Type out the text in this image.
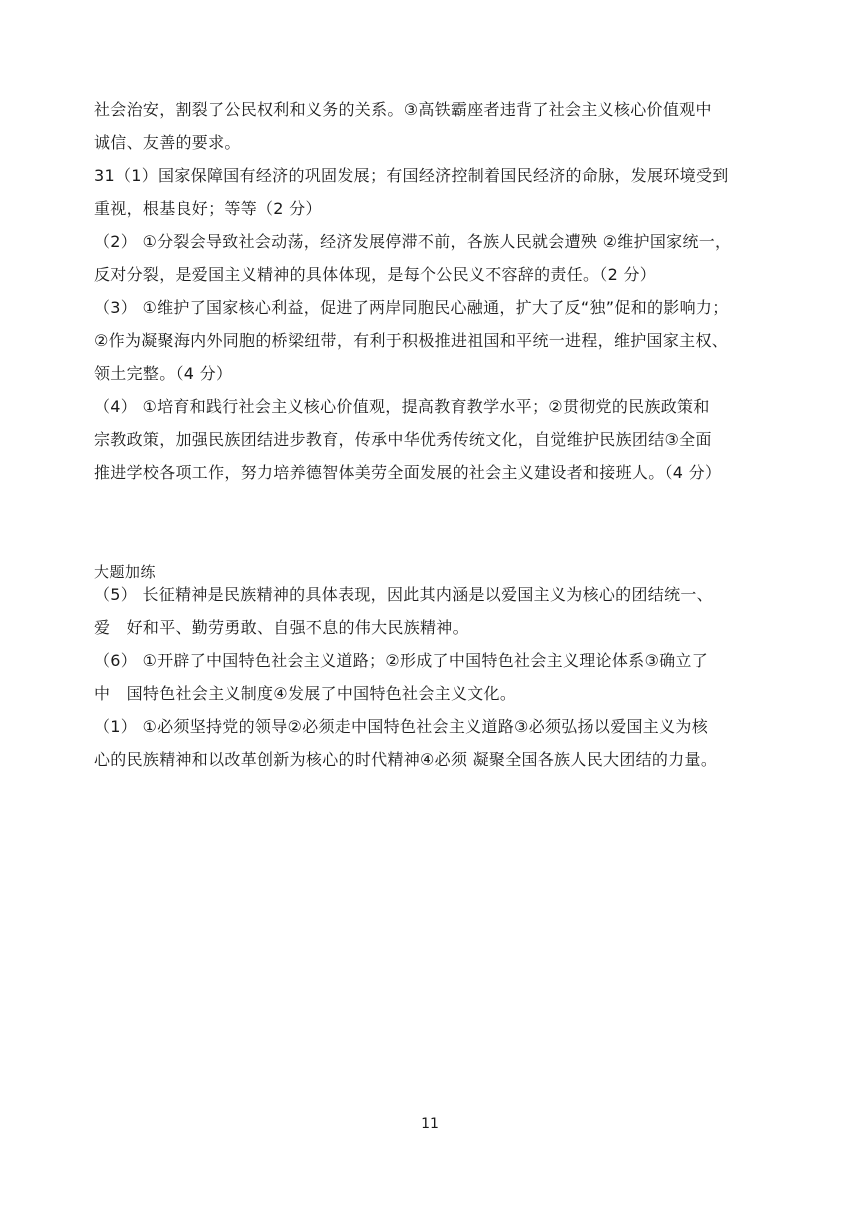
社会治安，割裂了公民权利和义务的关系。③高铁霸座者违背了社会主义核心价值观中
诚信、友善的要求。
31（1）国家保障国有经济的巩固发展；有国经济控制着国民经济的命脉，发展环境受到
重视，根基良好；等等（2 分）
（2） ①分裂会导致社会动荡，经济发展停滞不前，各族人民就会遭殃 ②维护国家统一，
反对分裂，是爱国主义精神的具体体现，是每个公民义不容辞的责任。（2 分）
（3） ①维护了国家核心利益，促进了两岸同胞民心融通，扩大了反“独”促和的影响力；
②作为凝聚海内外同胞的桥梁纽带，有利于积极推进祖国和平统一进程，维护国家主权、
领土完整。（4 分）
（4） ①培育和践行社会主义核心价值观，提高教育教学水平；②贯彻党的民族政策和
宗教政策，加强民族团结进步教育，传承中华优秀传统文化，自觉维护民族团结③全面
推进学校各项工作，努力培养德智体美劳全面发展的社会主义建设者和接班人。（4 分）
大题加练
（5） 长征精神是民族精神的具体表现，因此其内涵是以爱国主义为核心的团结统一、
爱　好和平、勤劳勇敢、自强不息的伟大民族精神。
（6） ①开辟了中国特色社会主义道路；②形成了中国特色社会主义理论体系③确立了
中　国特色社会主义制度④发展了中国特色社会主义文化。
（1） ①必须坚持党的领导②必须走中国特色社会主义道路③必须弘扬以爱国主义为核
心的民族精神和以改革创新为核心的时代精神④必须 凝聚全国各族人民大团结的力量。
11
